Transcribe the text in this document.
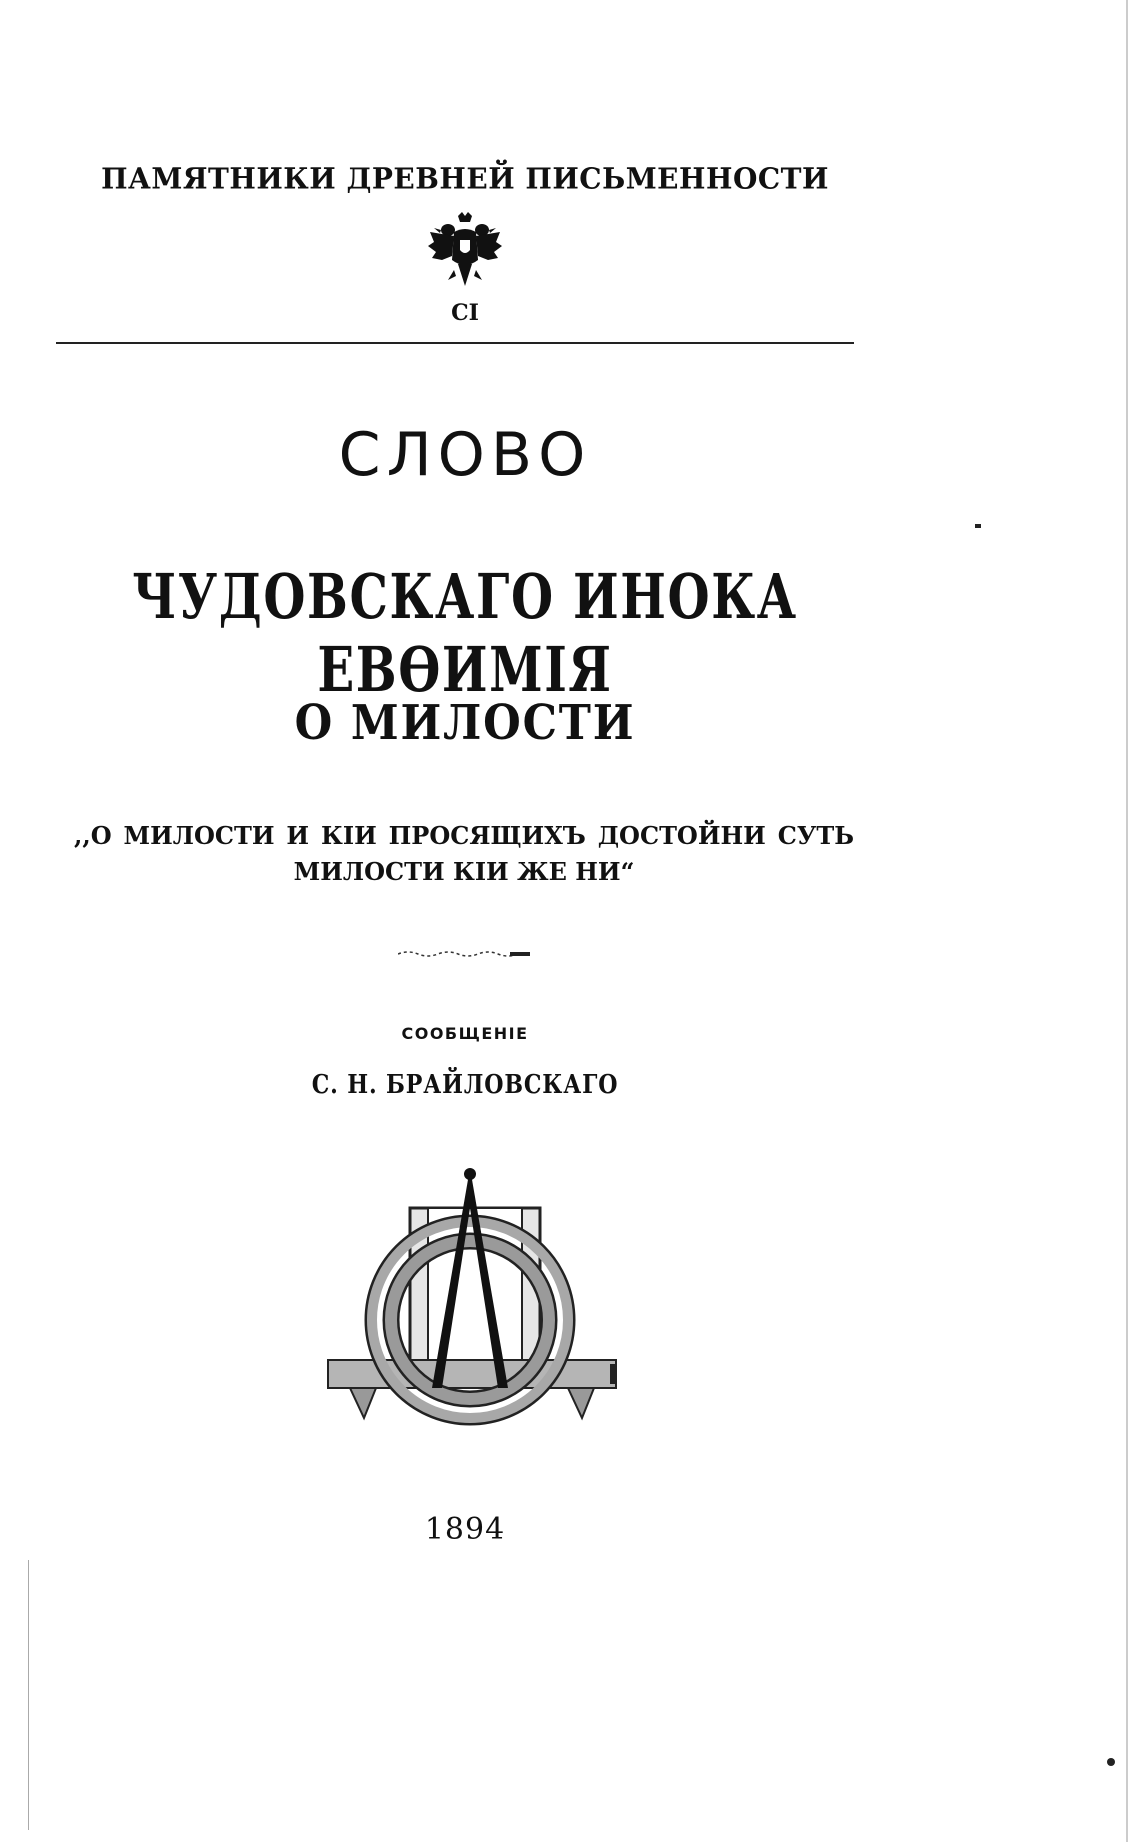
ПАМЯТНИКИ ДРЕВНЕЙ ПИСЬМЕННОСТИ
CI
СЛОВО
ЧУДОВСКАГО ИНОКА ЕВѲИМІЯ
О МИЛОСТИ
,,О МИЛОСТИ И КІИ ПРОСЯЩИХЪ ДОСТОЙНИ СУТЬ МИЛОСТИ КІИ ЖЕ НИ“
СООБЩЕНІЕ
С. Н. БРАЙЛОВСКАГО
1894
